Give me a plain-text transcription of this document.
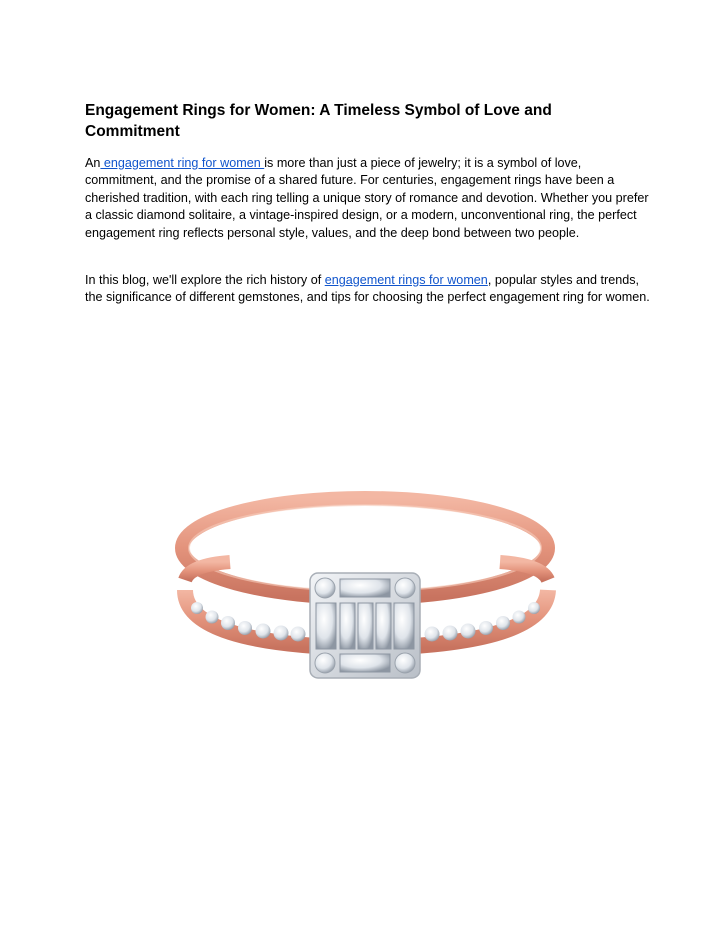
Engagement Rings for Women: A Timeless Symbol of Love and Commitment

An engagement ring for women is more than just a piece of jewelry; it is a symbol of love, commitment, and the promise of a shared future. For centuries, engagement rings have been a cherished tradition, with each ring telling a unique story of romance and devotion. Whether you prefer a classic diamond solitaire, a vintage-inspired design, or a modern, unconventional ring, the perfect engagement ring reflects personal style, values, and the deep bond between two people.

In this blog, we'll explore the rich history of engagement rings for women, popular styles and trends, the significance of different gemstones, and tips for choosing the perfect engagement ring for women.
